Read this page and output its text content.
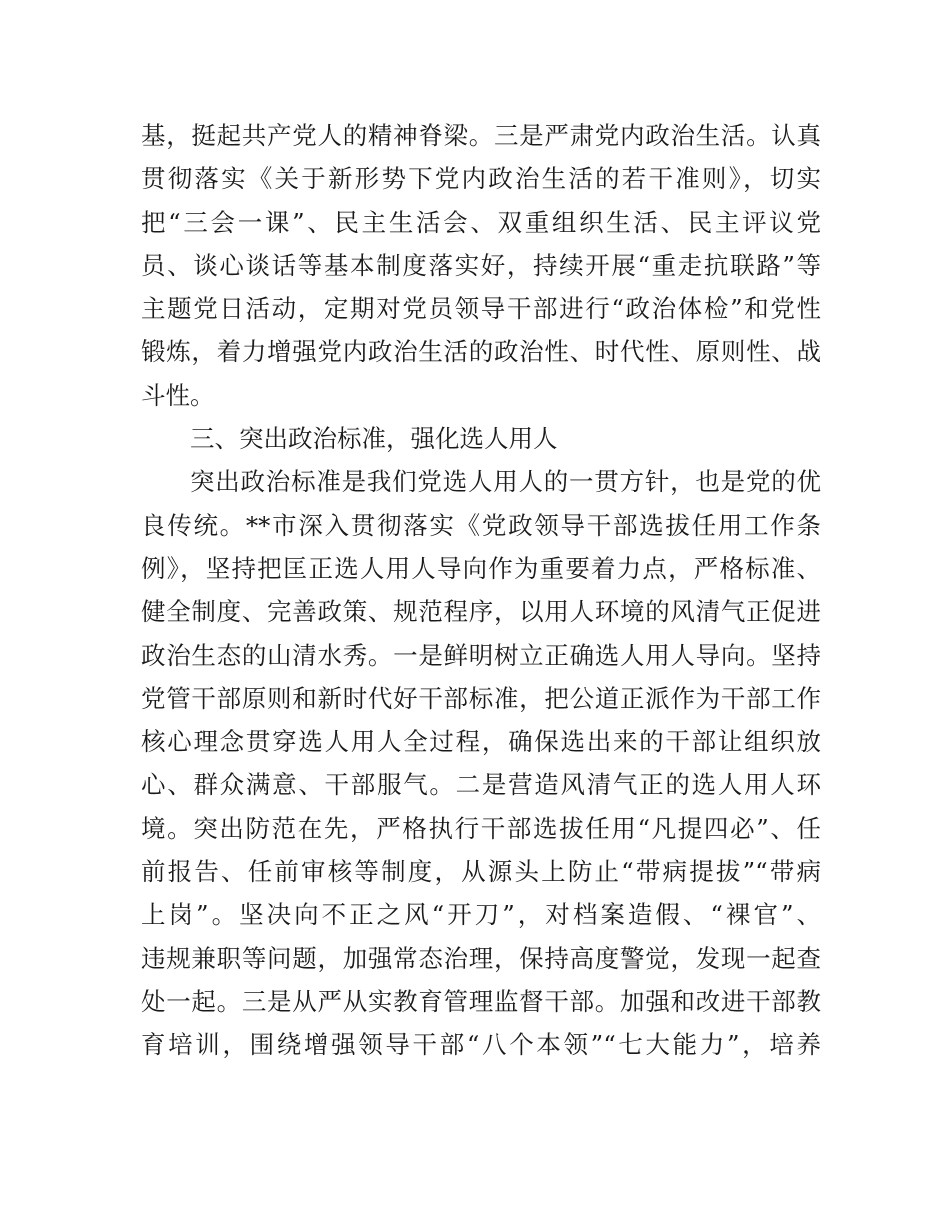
基，挺起共产党人的精神脊梁。三是严肃党内政治生活。认真
贯彻落实《关于新形势下党内政治生活的若干准则》，切实
把“三会一课”、民主生活会、双重组织生活、民主评议党
员、谈心谈话等基本制度落实好，持续开展“重走抗联路”等
主题党日活动，定期对党员领导干部进行“政治体检”和党性
锻炼，着力增强党内政治生活的政治性、时代性、原则性、战
斗性。
三、突出政治标准，强化选人用人
突出政治标准是我们党选人用人的一贯方针，也是党的优
良传统。**市深入贯彻落实《党政领导干部选拔任用工作条
例》，坚持把匡正选人用人导向作为重要着力点，严格标准、
健全制度、完善政策、规范程序，以用人环境的风清气正促进
政治生态的山清水秀。一是鲜明树立正确选人用人导向。坚持
党管干部原则和新时代好干部标准，把公道正派作为干部工作
核心理念贯穿选人用人全过程，确保选出来的干部让组织放
心、群众满意、干部服气。二是营造风清气正的选人用人环
境。突出防范在先，严格执行干部选拔任用“凡提四必”、任
前报告、任前审核等制度，从源头上防止“带病提拔”“带病
上岗”。坚决向不正之风“开刀”，对档案造假、“裸官”、
违规兼职等问题，加强常态治理，保持高度警觉，发现一起查
处一起。三是从严从实教育管理监督干部。加强和改进干部教
育培训，围绕增强领导干部“八个本领”“七大能力”，培养
